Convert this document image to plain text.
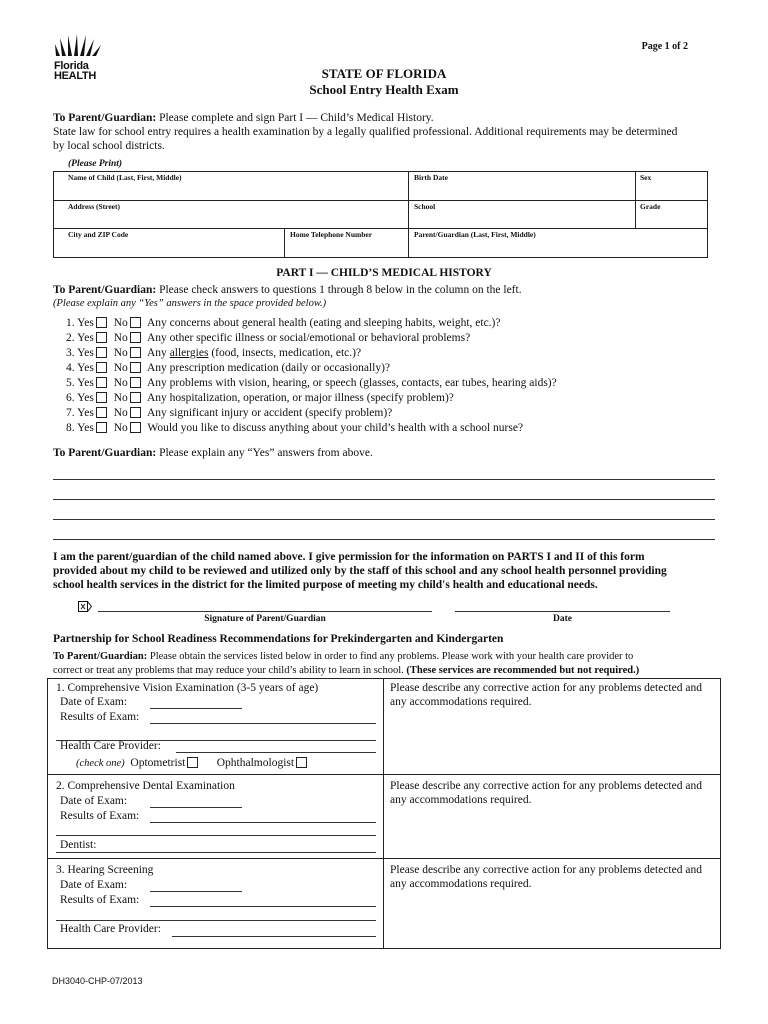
Florida
HEALTH
Page 1 of 2
STATE OF FLORIDA
School Entry Health Exam
To Parent/Guardian: Please complete and sign Part I — Child’s Medical History.
State law for school entry requires a health examination by a legally qualified professional. Additional requirements may be determined
by local school districts.
(Please Print)
Name of Child (Last, First, Middle)	Birth Date	Sex
Address (Street)	School	Grade
City and ZIP Code	Home Telephone Number	Parent/Guardian (Last, First, Middle)
PART I — CHILD’S MEDICAL HISTORY
To Parent/Guardian: Please check answers to questions 1 through 8 below in the column on the left.
(Please explain any “Yes” answers in the space provided below.)
1. Yes No Any concerns about general health (eating and sleeping habits, weight, etc.)?
2. Yes No Any other specific illness or social/emotional or behavioral problems?
3. Yes No Any allergies (food, insects, medication, etc.)?
4. Yes No Any prescription medication (daily or occasionally)?
5. Yes No Any problems with vision, hearing, or speech (glasses, contacts, ear tubes, hearing aids)?
6. Yes No Any hospitalization, operation, or major illness (specify problem)?
7. Yes No Any significant injury or accident (specify problem)?
8. Yes No Would you like to discuss anything about your child’s health with a school nurse?
To Parent/Guardian: Please explain any “Yes” answers from above.
I am the parent/guardian of the child named above. I give permission for the information on PARTS I and II of this form
provided about my child to be reviewed and utilized only by the staff of this school and any school health personnel providing
school health services in the district for the limited purpose of meeting my child's health and educational needs.
Signature of Parent/Guardian	Date
Partnership for School Readiness Recommendations for Prekindergarten and Kindergarten
To Parent/Guardian: Please obtain the services listed below in order to find any problems. Please work with your health care provider to
correct or treat any problems that may reduce your child’s ability to learn in school. (These services are recommended but not required.)
1. Comprehensive Vision Examination (3-5 years of age)
Date of Exam:
Results of Exam:
Health Care Provider:
(check one) Optometrist	Ophthalmologist
Please describe any corrective action for any problems detected and any accommodations required.
2. Comprehensive Dental Examination
Date of Exam:
Results of Exam:
Dentist:
Please describe any corrective action for any problems detected and any accommodations required.
3. Hearing Screening
Date of Exam:
Results of Exam:
Health Care Provider:
Please describe any corrective action for any problems detected and any accommodations required.
DH3040-CHP-07/2013
